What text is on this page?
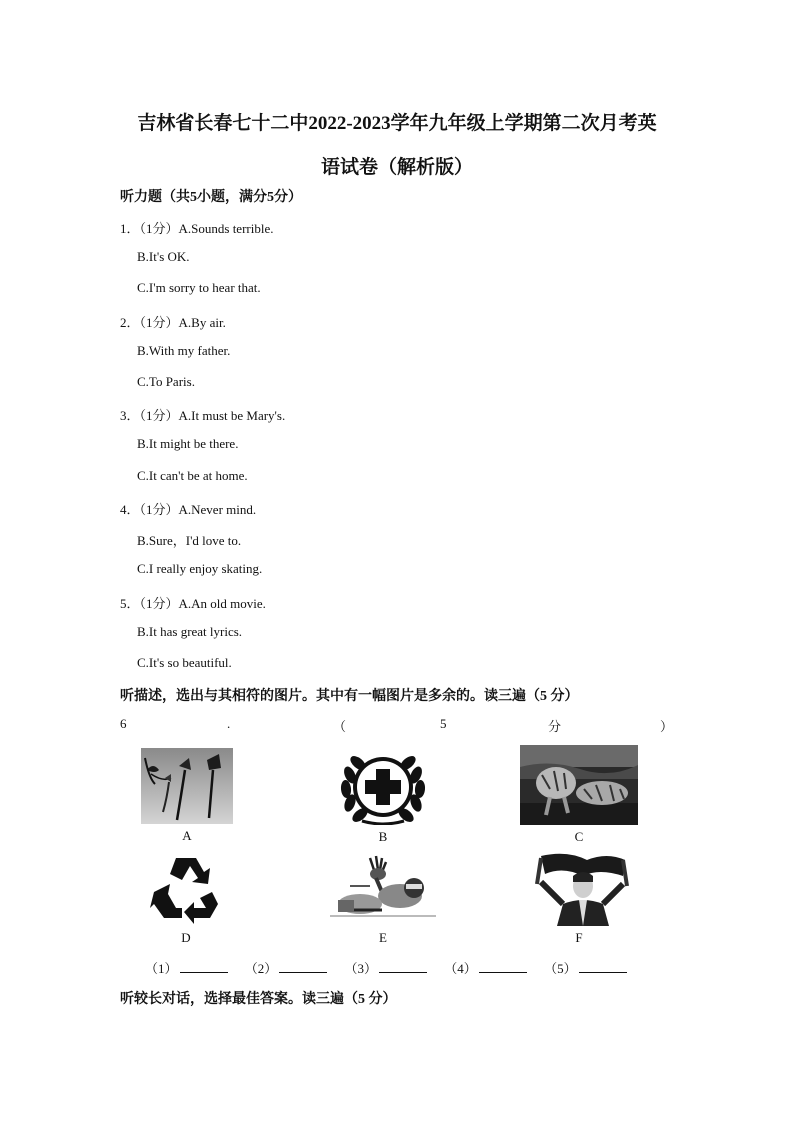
吉林省长春七十二中2022-2023学年九年级上学期第二次月考英
语试卷（解析版）
听力题（共5小题，满分5分）
1．（1分）A.Sounds terrible.
B.It's OK.
C.I'm sorry to hear that.
2．（1分）A.By air.
B.With my father.
C.To Paris.
3．（1分）A.It must be Mary's.
B.It might be there.
C.It can't be at home.
4．（1分）A.Never mind.
B.Sure，I'd love to.
C.I really enjoy skating.
5．（1分）A.An old movie.
B.It has great lyrics.
C.It's so beautiful.
听描述，选出与其相符的图片。其中有一幅图片是多余的。读三遍（5 分）
6	.	（	5	分	）
A	B	C
D	E	F
（1）	（2）	（3）	（4）	（5）
听较长对话，选择最佳答案。读三遍（5 分）
